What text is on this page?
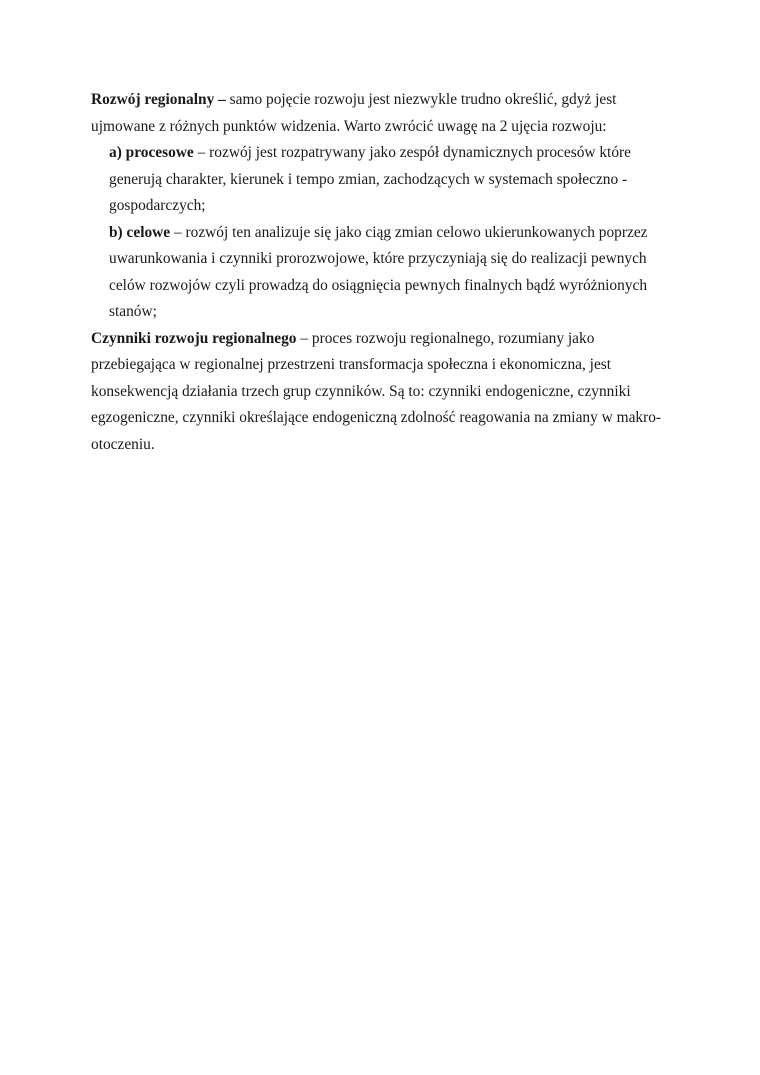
Rozwój regionalny – samo pojęcie rozwoju jest niezwykle trudno określić, gdyż jest
ujmowane z różnych punktów widzenia. Warto zwrócić uwagę na 2 ujęcia rozwoju:
a) procesowe – rozwój jest rozpatrywany jako zespół dynamicznych procesów które
generują charakter, kierunek i tempo zmian, zachodzących w systemach społeczno -
gospodarczych;
b) celowe – rozwój ten analizuje się jako ciąg zmian celowo ukierunkowanych poprzez
uwarunkowania i czynniki prorozwojowe, które przyczyniają się do realizacji pewnych
celów rozwojów czyli prowadzą do osiągnięcia pewnych finalnych bądź wyróżnionych
stanów;
Czynniki rozwoju regionalnego – proces rozwoju regionalnego, rozumiany jako
przebiegająca w regionalnej przestrzeni transformacja społeczna i ekonomiczna, jest
konsekwencją działania trzech grup czynników. Są to: czynniki endogeniczne, czynniki
egzogeniczne, czynniki określające endogeniczną zdolność reagowania na zmiany w makro-
otoczeniu.
